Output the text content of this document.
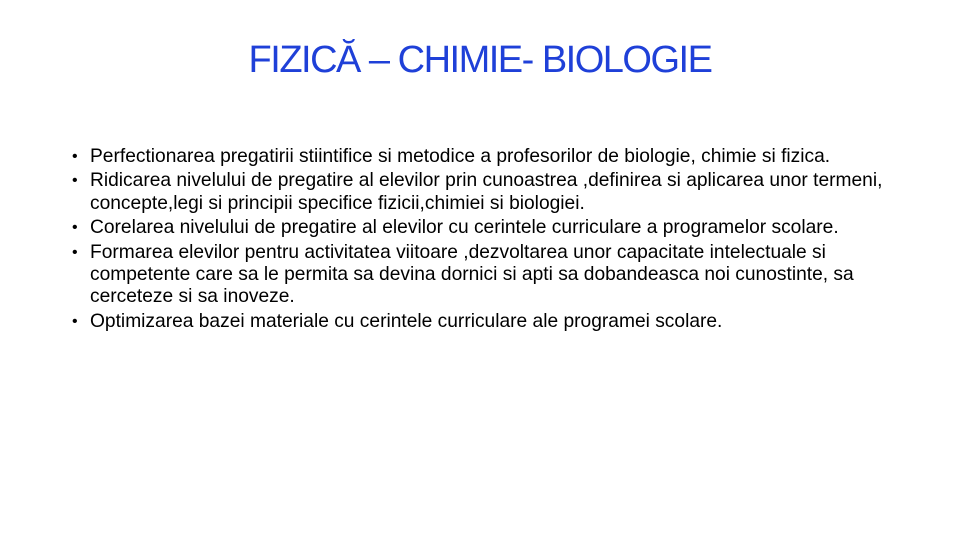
FIZICĂ – CHIMIE- BIOLOGIE
• Perfectionarea pregatirii stiintifice si metodice a profesorilor de biologie, chimie si fizica.
• Ridicarea nivelului de pregatire al elevilor prin cunoastrea ,definirea si aplicarea unor termeni, concepte,legi si principii specifice fizicii,chimiei si biologiei.
• Corelarea nivelului de pregatire al elevilor cu cerintele curriculare a programelor scolare.
• Formarea elevilor pentru activitatea viitoare ,dezvoltarea unor capacitate intelectuale si competente care sa le permita sa devina dornici si apti sa dobandeasca noi cunostinte, sa cerceteze si sa inoveze.
• Optimizarea bazei materiale cu cerintele curriculare ale programei scolare.
